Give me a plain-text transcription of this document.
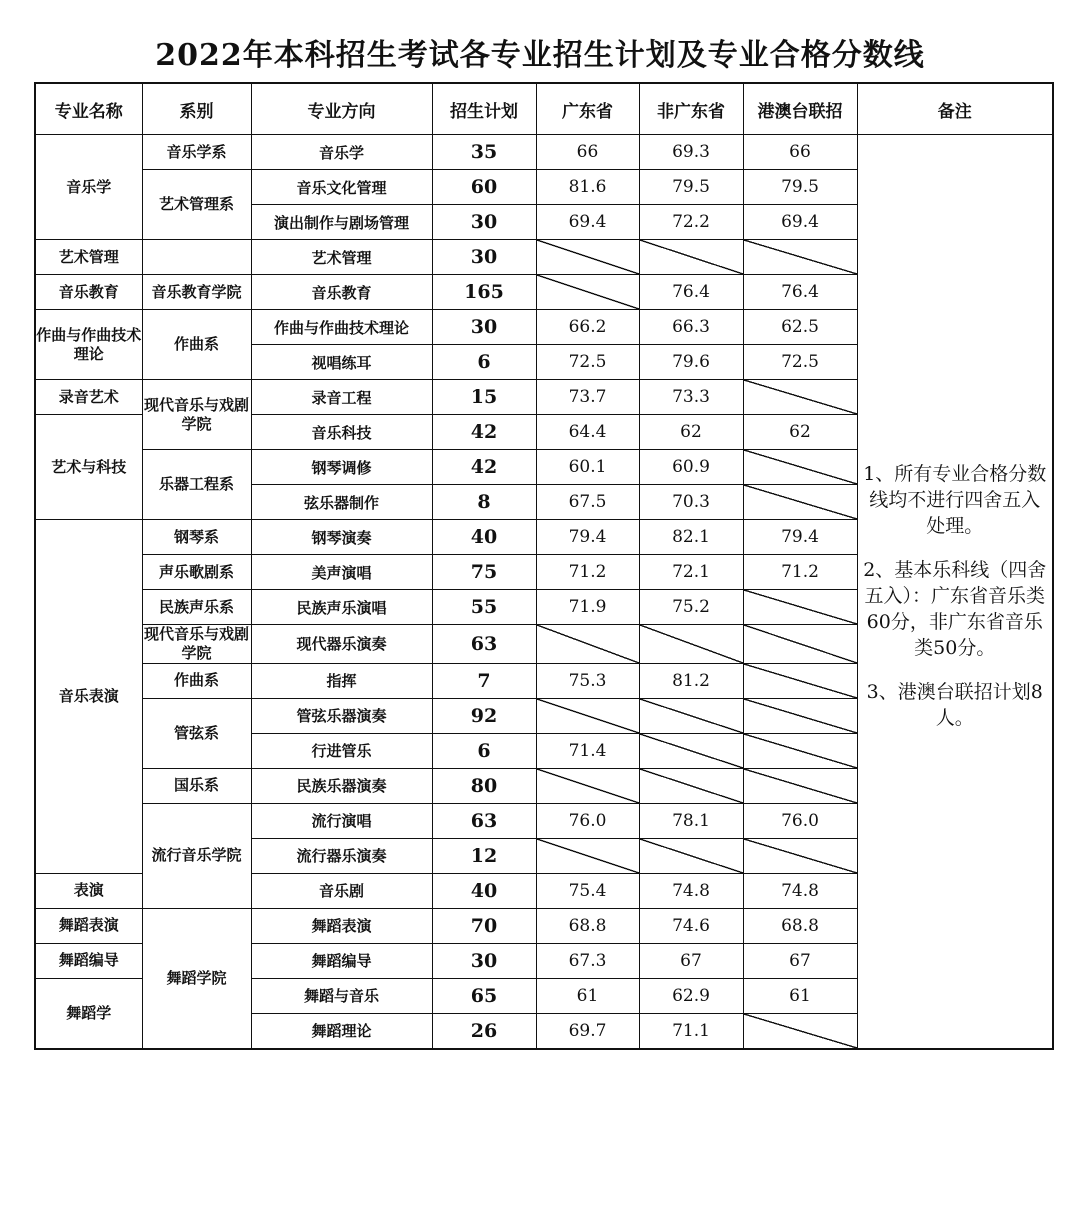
2022年本科招生考试各专业招生计划及专业合格分数线
专业名称	系别	专业方向	招生计划	广东省	非广东省	港澳台联招	备注
音乐学	音乐学系	音乐学	35	66	69.3	66	1、所有专业合格分数线均不进行四舍五入处理。
2、基本乐科线（四舍五入）：广东省音乐类60分，非广东省音乐类50分。
3、港澳台联招计划8人。

	艺术管理系	音乐文化管理	60	81.6	79.5	79.5	
		演出制作与剧场管理	30	69.4	72.2	69.4	
艺术管理		艺术管理	30				
音乐教育	音乐教育学院	音乐教育	165		76.4	76.4	
作曲与作曲技术理论	作曲系	作曲与作曲技术理论	30	66.2	66.3	62.5	
		视唱练耳	6	72.5	79.6	72.5	
录音艺术	现代音乐与戏剧学院	录音工程	15	73.7	73.3		
艺术与科技		音乐科技	42	64.4	62	62	
	乐器工程系	钢琴调修	42	60.1	60.9		
		弦乐器制作	8	67.5	70.3		
音乐表演	钢琴系	钢琴演奏	40	79.4	82.1	79.4	
	声乐歌剧系	美声演唱	75	71.2	72.1	71.2	
	民族声乐系	民族声乐演唱	55	71.9	75.2		
	现代音乐与戏剧学院	现代器乐演奏	63				
	作曲系	指挥	7	75.3	81.2		
	管弦系	管弦乐器演奏	92				
		行进管乐	6	71.4			
	国乐系	民族乐器演奏	80				
	流行音乐学院	流行演唱	63	76.0	78.1	76.0	
		流行器乐演奏	12				
表演		音乐剧	40	75.4	74.8	74.8	
舞蹈表演	舞蹈学院	舞蹈表演	70	68.8	74.6	68.8	
舞蹈编导		舞蹈编导	30	67.3	67	67	
舞蹈学		舞蹈与音乐	65	61	62.9	61	
		舞蹈理论	26	69.7	71.1		
